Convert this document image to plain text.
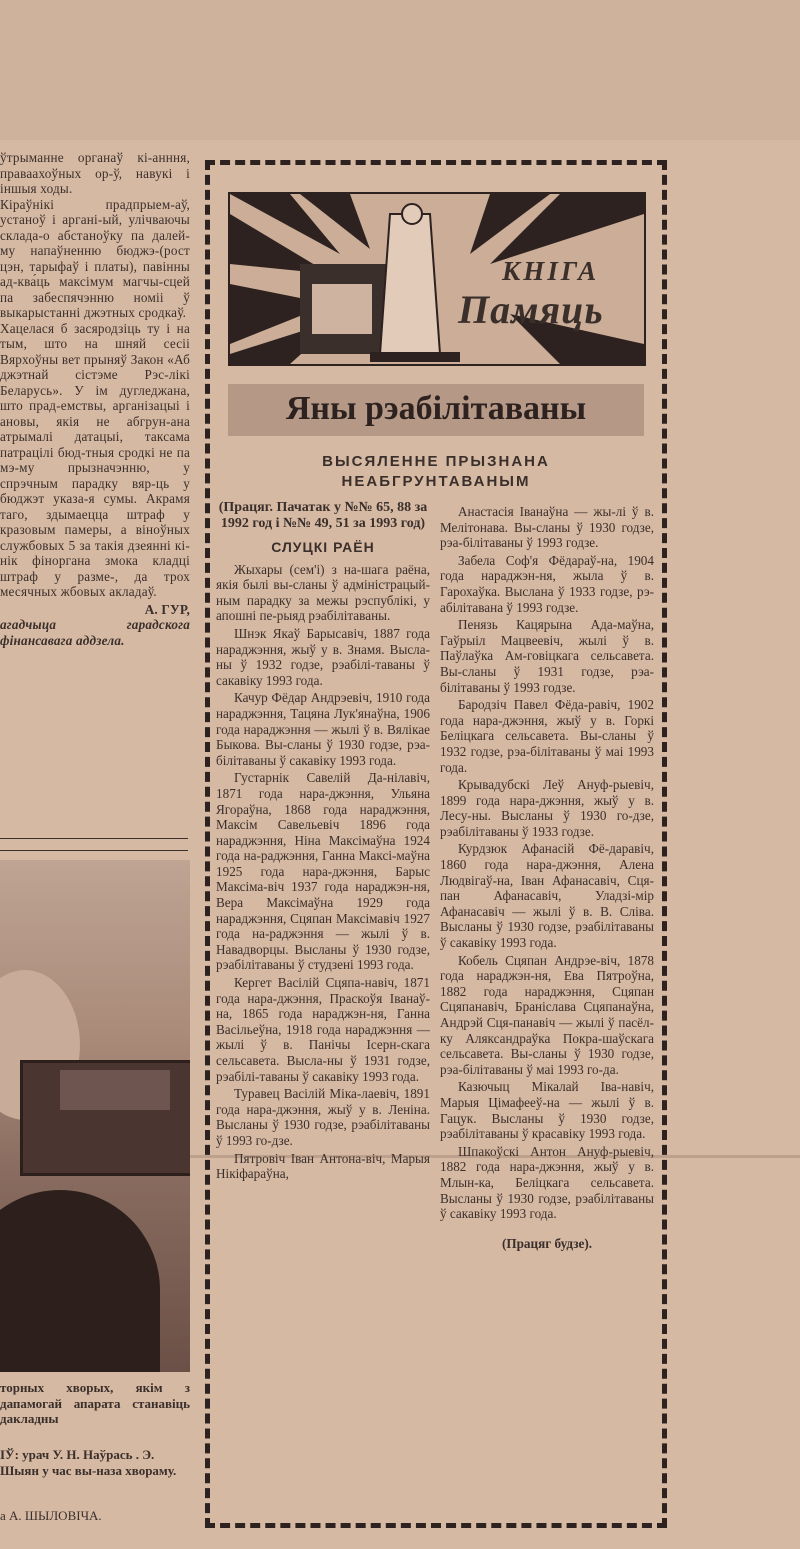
ўтрыманне органаў кі-анння, праваахоўных ор-ў, навукі і іншыя ходы.

Кіраўнікі прадпрыем-аў, устаноў і арганi-ый, улічваючы склада-о абстаноўку па далей-му напаўненню бюджэ-(рост цэн, тарыфаў і платы), павінны ад-ква́ць максімум магчы-сцей па забеспячэнню номіі ў выкарыстанні джэтных сродкаў.

Хацелася б засяродзіць ту і на тым, што на шняй сесіі Вярхоўны вет прыняў Закон «Аб джэтнай сістэме Рэс-лікі Беларусь». У ім дугледжана, што прад-емствы, арганізацыі і ановы, якія не абгрун-ана атрымалі датацыі, таксама патрацілі бюд-тныя сродкі не па мэ-му прызначэнню, у спрэчным парадку вяр-ць у бюджэт указа-я сумы. Акрамя таго, здымаецца штраф у кразовым памеры, а віноўных службовых 5 за такія дзеянні кі-нік фінорганa змока кладці штраф у разме-, да трох месячных жбовых акладаў.

А. ГУР,
агадчыца гарадскога фінансавага аддзела.
торных хворых, якім з дапамогай апарата станавіць дакладны
ІЎ: урач У. Н. Наўрась . Э. Шыян у час вы-наза хвораму.
а А. ШЫЛОВІЧА.
КНІГА
Памяць
Яны рэабілітаваны
ВЫСЯЛЕННЕ ПРЫЗНАНА
НЕАБГРУНТАВАНЫМ

(Працяг. Пачатак у №№ 65, 88 за 1992 год і №№ 49, 51 за 1993 год)

СЛУЦКІ РАЁН

Жыхары (сем'і) з на-шага раёна, якія былі вы-сланы ў адміністрацый-ным парадку за межы рэспублікі, у апошні пе-рыяд рэабілітаваны.

Шнэк Якаў Барысавіч, 1887 года нараджэння, жыў у в. Знамя. Высла-ны ў 1932 годзе, рэабілі-таваны ў сакавіку 1993 года.

Качур Фёдар Андрэевіч, 1910 года нараджэння, Тацяна Лук'янаўна, 1906 года нараджэння — жылі ў в. Вялікае Быкова. Вы-сланы ў 1930 годзе, рэа-білітаваны ў сакавіку 1993 года.

Густарнік Савелій Да-нілавіч, 1871 года нара-джэння, Ульяна Ягораўна, 1868 года нараджэння, Максім Савельевіч 1896 года нараджэння, Ніна Максімаўна 1924 года на-раджэння, Ганна Максі-маўна 1925 года нара-джэння, Барыс Максіма-віч 1937 года нараджэн-ня, Вера Максімаўна 1929 года нараджэння, Сцяпан Максімавіч 1927 года на-раджэння — жылі ў в. Навадворцы. Высланы ў 1930 годзе, рэабілітаваны ў студзені 1993 года.

Кергет Васілій Сцяпа-навіч, 1871 года нара-джэння, Праскоўя Іванаў-на, 1865 года нараджэн-ня, Ганна Васільеўна, 1918 года нараджэння — жылі ў в. Панічы Ісерн-скага сельсавета. Высла-ны ў 1931 годзе, рэабілі-таваны ў сакавіку 1993 года.

Туравец Васілій Міка-лаевіч, 1891 года нара-джэння, жыў у в. Леніна. Высланы ў 1930 годзе, рэабілітаваны ў 1993 го-дзе.

Пятровіч Іван Антона-віч, Марыя Нікіфараўна,

Анастасія Іванаўна — жы-лі ў в. Мелітонава. Вы-сланы ў 1930 годзе, рэа-білітаваны ў 1993 годзе.

Забела Соф'я Фёдараў-на, 1904 года нараджэн-ня, жыла ў в. Гарохаўка. Выслана ў 1933 годзе, рэ-абілітавана ў 1993 годзе.

Пенязь Кацярына Ада-маўна, Гаўрыіл Мацвеевіч, жылі ў в. Паўлаўка Ам-говіцкага сельсавета. Вы-сланы ў 1931 годзе, рэа-білітаваны ў 1993 годзе.

Бародзіч Павел Фёда-равіч, 1902 года нара-джэння, жыў у в. Горкі Беліцкага сельсавета. Вы-сланы ў 1932 годзе, рэа-білітаваны ў маі 1993 года.

Крывадубскі Леў Ануф-рыевіч, 1899 года нара-джэння, жыў у в. Лесу-ны. Высланы ў 1930 го-дзе, рэабілітаваны ў 1933 годзе.

Курдзюк Афанасій Фё-даравіч, 1860 года нара-джэння, Алена Людвігаў-на, Іван Афанасавіч, Сця-пан Афанасавіч, Уладзі-мір Афанасавіч — жылі ў в. В. Сліва. Высланы ў 1930 годзе, рэабілітаваны ў сакавіку 1993 года.

Кобель Сцяпан Андрэе-віч, 1878 года нараджэн-ня, Ева Пятроўна, 1882 года нараджэння, Сцяпан Сцяпанавіч, Браніслава Сцяпанаўна, Андрэй Сця-панавіч — жылі ў пасёл-ку Аляксандраўка Покра-шаўскага сельсавета. Вы-сланы ў 1930 годзе, рэа-білітаваны ў маі 1993 го-да.

Казючыц Мікалай Іва-навіч, Марыя Цімафееў-на — жылі ў в. Гацук. Высланы ў 1930 годзе, рэабілітаваны ў красавіку 1993 года.

Шпакоўскі Антон Ануф-рыевіч, 1882 года нара-джэння, жыў у в. Млын-ка, Беліцкага сельсавета. Высланы ў 1930 годзе, рэабілітаваны ў сакавіку 1993 года.

(Працяг будзе).
